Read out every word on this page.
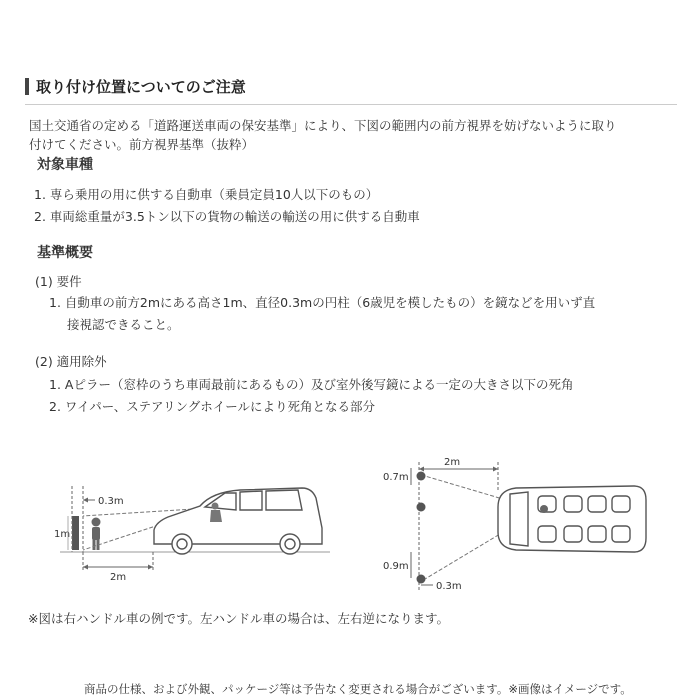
取り付け位置についてのご注意
国土交通省の定める「道路運送車両の保安基準」により、下図の範囲内の前方視界を妨げないように取り
付けてください。前方視界基準（抜粋）
対象車種
1. 専ら乗用の用に供する自動車（乗員定員10人以下のもの）
2. 車両総重量が3.5トン以下の貨物の輸送の輸送の用に供する自動車
基準概要
(1) 要件
1. 自動車の前方2mにある高さ1m、直径0.3mの円柱（6歳児を模したもの）を鏡などを用いず直
接視認できること。
(2) 適用除外
1. Aピラー（窓枠のうち車両最前にあるもの）及び室外後写鏡による一定の大きさ以下の死角
2. ワイパー、ステアリングホイールにより死角となる部分
0.3m
1m
2m
2m
0.7m
0.9m
0.3m
※図は右ハンドル車の例です。左ハンドル車の場合は、左右逆になります。
商品の仕様、および外観、パッケージ等は予告なく変更される場合がございます。※画像はイメージです。
